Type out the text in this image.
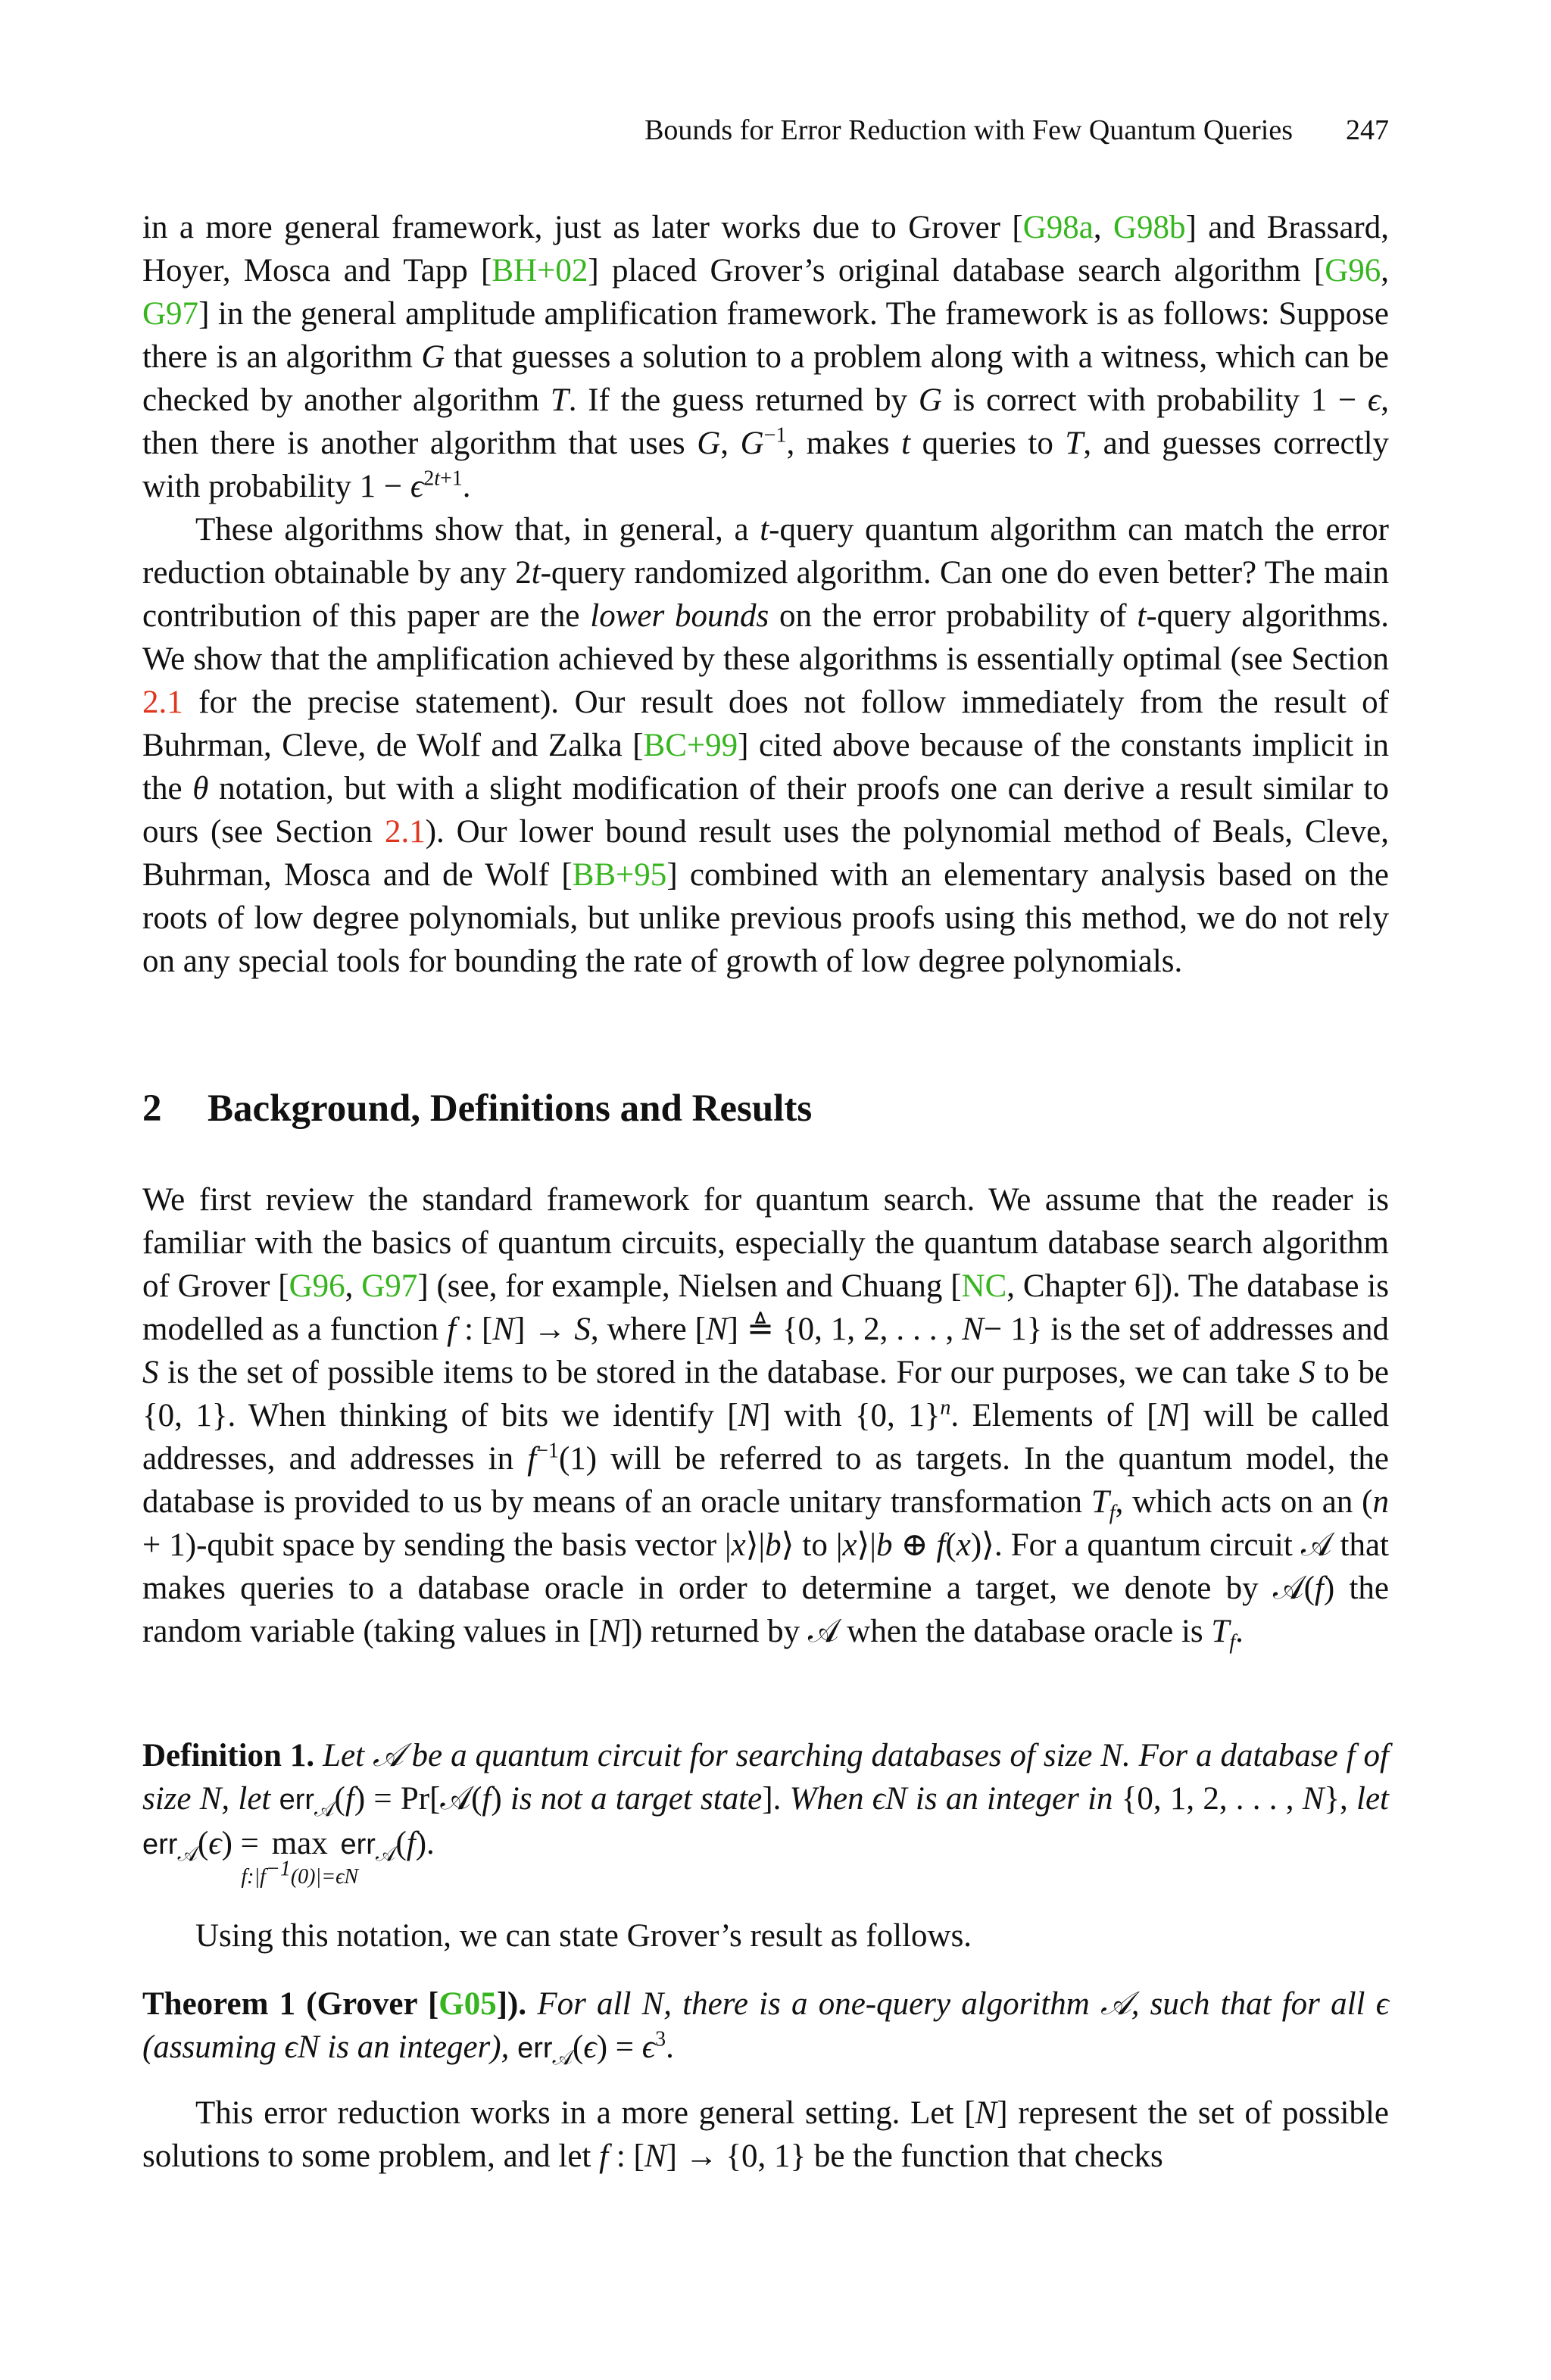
Bounds for Error Reduction with Few Quantum Queries 247

in a more general framework, just as later works due to Grover [G98a, G98b] and Brassard, Hoyer, Mosca and Tapp [BH+02] placed Grover’s original database search algorithm [G96, G97] in the general amplitude amplification framework. The framework is as follows: Suppose there is an algorithm G that guesses a solution to a problem along with a witness, which can be checked by another algorithm T. If the guess returned by G is correct with probability 1 − ϵ, then there is another algorithm that uses G, $G^{-1}$, makes t queries to T, and guesses correctly with probability $1 - \epsilon^{2t+1}$.

These algorithms show that, in general, a t-query quantum algorithm can match the error reduction obtainable by any 2t-query randomized algorithm. Can one do even better? The main contribution of this paper are the lower bounds on the error probability of t-query algorithms. We show that the amplification achieved by these algorithms is essentially optimal (see Section 2.1 for the precise statement). Our result does not follow immediately from the result of Buhrman, Cleve, de Wolf and Zalka [BC+99] cited above because of the constants implicit in the θ notation, but with a slight modification of their proofs one can derive a result similar to ours (see Section 2.1). Our lower bound result uses the polynomial method of Beals, Cleve, Buhrman, Mosca and de Wolf [BB+95] combined with an elementary analysis based on the roots of low degree polynomials, but unlike previous proofs using this method, we do not rely on any special tools for bounding the rate of growth of low degree polynomials.

2 Background, Definitions and Results

We first review the standard framework for quantum search. We assume that the reader is familiar with the basics of quantum circuits, especially the quantum database search algorithm of Grover [G96, G97] (see, for example, Nielsen and Chuang [NC, Chapter 6]). The database is modelled as a function f : [N] → S, where [N] ≜ {0, 1, 2, . . . , N− 1} is the set of addresses and S is the set of possible items to be stored in the database. For our purposes, we can take S to be {0, 1}. When thinking of bits we identify [N] with {0, 1}$^n$. Elements of [N] will be called addresses, and addresses in $f^{-1}(1)$ will be referred to as targets. In the quantum model, the database is provided to us by means of an oracle unitary transformation $T_f$, which acts on an (n + 1)-qubit space by sending the basis vector |x⟩|b⟩ to |x⟩|b ⊕ f(x)⟩. For a quantum circuit 𝒜 that makes queries to a database oracle in order to determine a target, we denote by 𝒜(f) the random variable (taking values in [N]) returned by 𝒜 when the database oracle is $T_f$.

Definition 1. Let 𝒜 be a quantum circuit for searching databases of size N. For a database f of size N, let err$_𝒜$(f) = Pr[𝒜(f) is not a target state]. When ϵN is an integer in {0, 1, 2, . . . , N}, let err$_𝒜$(ϵ) = max
$f:|f^{-1}(0)|=\epsilon N$
err$_𝒜$(f).

Using this notation, we can state Grover’s result as follows.

Theorem 1 (Grover [G05]). For all N, there is a one-query algorithm 𝒜, such that for all ϵ (assuming ϵN is an integer), $err_𝒜(\epsilon) = \epsilon^3$.

This error reduction works in a more general setting. Let [N] represent the set of possible solutions to some problem, and let f : [N] → {0, 1} be the function that checks
